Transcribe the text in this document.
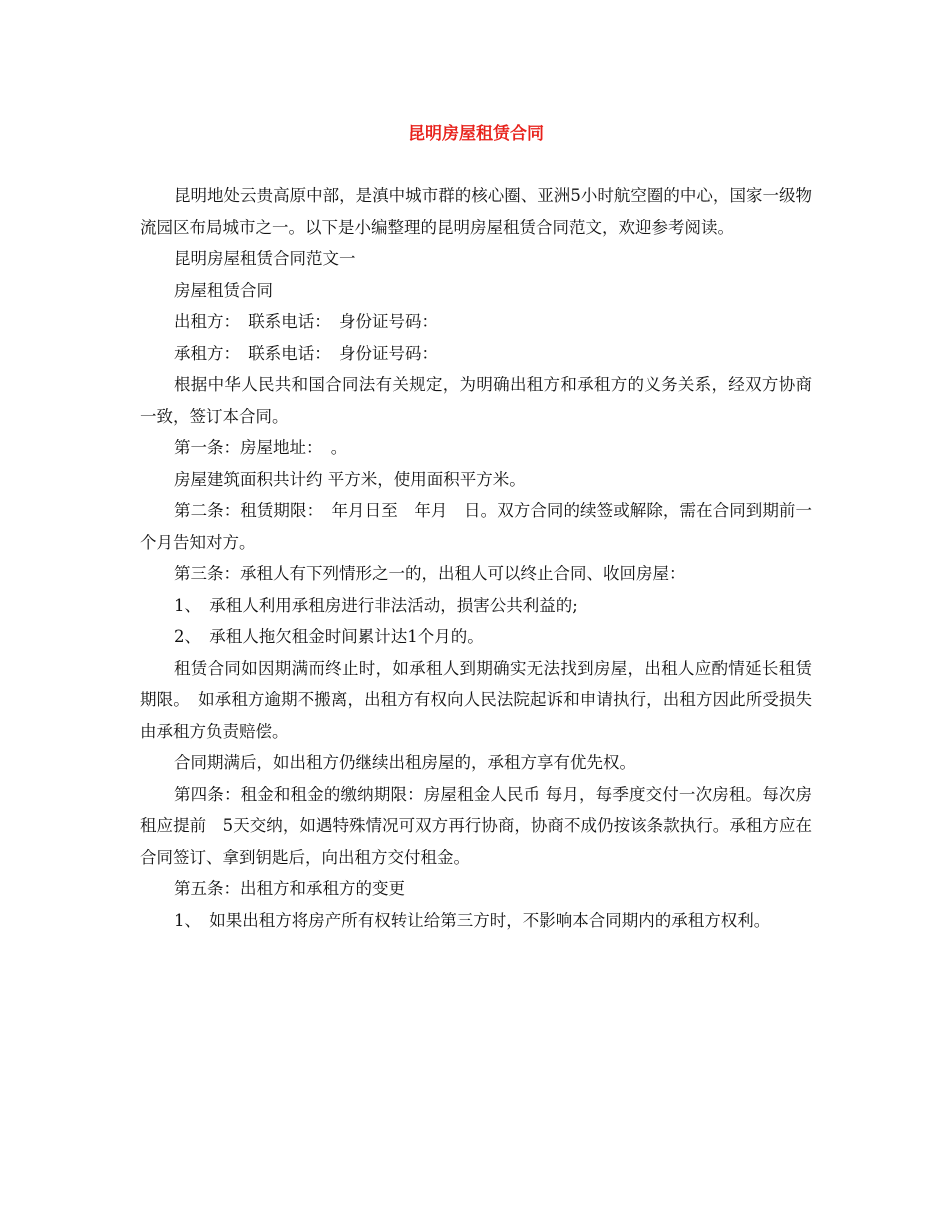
昆明房屋租赁合同

昆明地处云贵高原中部，是滇中城市群的核心圈、亚洲5小时航空圈的中心，国家一级物流园区布局城市之一。以下是小编整理的昆明房屋租赁合同范文，欢迎参考阅读。

昆明房屋租赁合同范文一

房屋租赁合同

出租方：　联系电话：　身份证号码：

承租方：　联系电话：　身份证号码：

根据中华人民共和国合同法有关规定，为明确出租方和承租方的义务关系，经双方协商一致，签订本合同。

第一条：房屋地址：　。

房屋建筑面积共计约 平方米，使用面积平方米。

第二条：租赁期限：　年月日至　年月　日。双方合同的续签或解除，需在合同到期前一个月告知对方。

第三条：承租人有下列情形之一的，出租人可以终止合同、收回房屋：

1、　承租人利用承租房进行非法活动，损害公共利益的;

2、　承租人拖欠租金时间累计达1个月的。

租赁合同如因期满而终止时，如承租人到期确实无法找到房屋，出租人应酌情延长租赁期限。　如承租方逾期不搬离，出租方有权向人民法院起诉和申请执行，出租方因此所受损失由承租方负责赔偿。

合同期满后，如出租方仍继续出租房屋的，承租方享有优先权。

第四条：租金和租金的缴纳期限：房屋租金人民币 每月，每季度交付一次房租。每次房租应提前　5天交纳，如遇特殊情况可双方再行协商，协商不成仍按该条款执行。承租方应在合同签订、拿到钥匙后，向出租方交付租金。

第五条：出租方和承租方的变更

1、　如果出租方将房产所有权转让给第三方时，不影响本合同期内的承租方权利。
